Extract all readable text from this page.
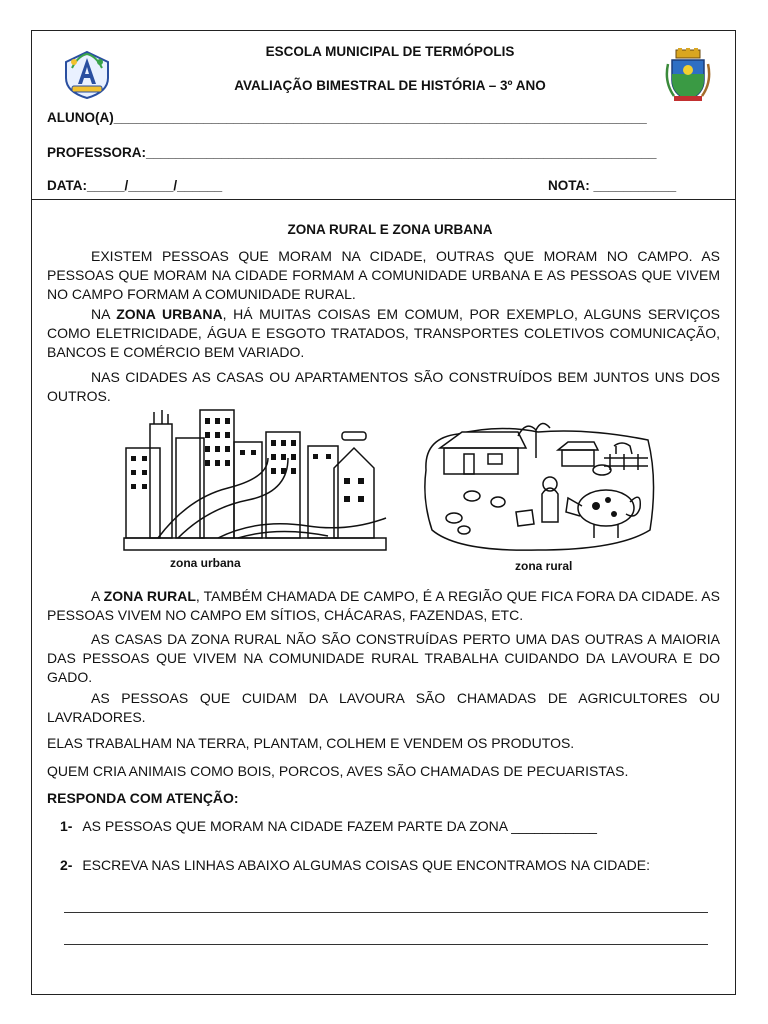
ESCOLA MUNICIPAL DE TERMÓPOLIS
AVALIAÇÃO BIMESTRAL DE HISTÓRIA – 3º ANO
ALUNO(A)_______________________________________________________________________
PROFESSORA:____________________________________________________________________
DATA:_____/______/______	NOTA: ___________
ZONA RURAL E ZONA URBANA
EXISTEM PESSOAS QUE MORAM NA CIDADE, OUTRAS QUE MORAM NO CAMPO. AS PESSOAS QUE MORAM NA CIDADE FORMAM A COMUNIDADE URBANA E AS PESSOAS QUE VIVEM NO CAMPO FORMAM A COMUNIDADE RURAL.
NA ZONA URBANA, HÁ MUITAS COISAS EM COMUM, POR EXEMPLO, ALGUNS SERVIÇOS COMO ELETRICIDADE, ÁGUA E ESGOTO TRATADOS, TRANSPORTES COLETIVOS COMUNICAÇÃO, BANCOS E COMÉRCIO BEM VARIADO.
NAS CIDADES AS CASAS OU APARTAMENTOS SÃO CONSTRUÍDOS BEM JUNTOS UNS DOS OUTROS.
zona urbana	zona rural
A ZONA RURAL, TAMBÉM CHAMADA DE CAMPO, É A REGIÃO QUE FICA FORA DA CIDADE. AS PESSOAS VIVEM NO CAMPO EM SÍTIOS, CHÁCARAS, FAZENDAS, ETC.
AS CASAS DA ZONA RURAL NÃO SÃO CONSTRUÍDAS PERTO UMA DAS OUTRAS A MAIORIA DAS PESSOAS QUE VIVEM NA COMUNIDADE RURAL TRABALHA CUIDANDO DA LAVOURA E DO GADO.
AS PESSOAS QUE CUIDAM DA LAVOURA SÃO CHAMADAS DE AGRICULTORES OU LAVRADORES.
ELAS TRABALHAM NA TERRA, PLANTAM, COLHEM E VENDEM OS PRODUTOS.
QUEM CRIA ANIMAIS COMO BOIS, PORCOS, AVES SÃO CHAMADAS DE PECUARISTAS.
RESPONDA COM ATENÇÃO:
1- AS PESSOAS QUE MORAM NA CIDADE FAZEM PARTE DA ZONA ___________
2- ESCREVA NAS LINHAS ABAIXO ALGUMAS COISAS QUE ENCONTRAMOS NA CIDADE:
